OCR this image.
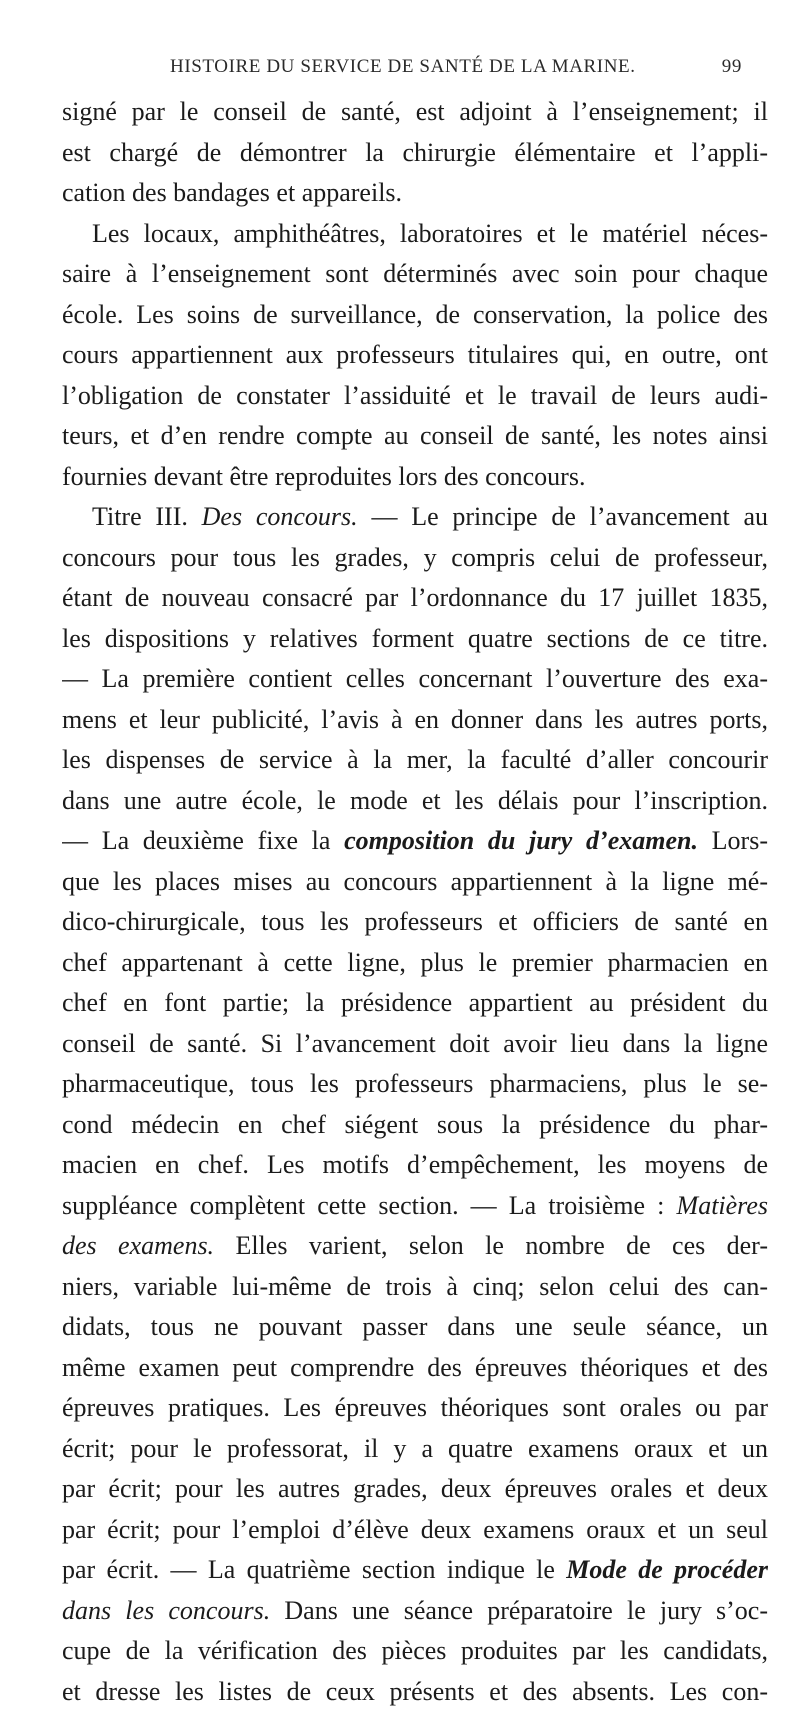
HISTOIRE DU SERVICE DE SANTÉ DE LA MARINE.	99
signé par le conseil de santé, est adjoint à l’enseignement; il
est chargé de démontrer la chirurgie élémentaire et l’appli-
cation des bandages et appareils.
Les locaux, amphithéâtres, laboratoires et le matériel néces-
saire à l’enseignement sont déterminés avec soin pour chaque
école. Les soins de surveillance, de conservation, la police des
cours appartiennent aux professeurs titulaires qui, en outre, ont
l’obligation de constater l’assiduité et le travail de leurs audi-
teurs, et d’en rendre compte au conseil de santé, les notes ainsi
fournies devant être reproduites lors des concours.
Titre III. Des concours. — Le principe de l’avancement au
concours pour tous les grades, y compris celui de professeur,
étant de nouveau consacré par l’ordonnance du 17 juillet 1835,
les dispositions y relatives forment quatre sections de ce titre.
— La première contient celles concernant l’ouverture des exa-
mens et leur publicité, l’avis à en donner dans les autres ports,
les dispenses de service à la mer, la faculté d’aller concourir
dans une autre école, le mode et les délais pour l’inscription.
— La deuxième fixe la composition du jury d’examen. Lors-
que les places mises au concours appartiennent à la ligne mé-
dico-chirurgicale, tous les professeurs et officiers de santé en
chef appartenant à cette ligne, plus le premier pharmacien en
chef en font partie; la présidence appartient au président du
conseil de santé. Si l’avancement doit avoir lieu dans la ligne
pharmaceutique, tous les professeurs pharmaciens, plus le se-
cond médecin en chef siégent sous la présidence du phar-
macien en chef. Les motifs d’empêchement, les moyens de
suppléance complètent cette section. — La troisième : Matières
des examens. Elles varient, selon le nombre de ces der-
niers, variable lui-même de trois à cinq; selon celui des can-
didats, tous ne pouvant passer dans une seule séance, un
même examen peut comprendre des épreuves théoriques et des
épreuves pratiques. Les épreuves théoriques sont orales ou par
écrit; pour le professorat, il y a quatre examens oraux et un
par écrit; pour les autres grades, deux épreuves orales et deux
par écrit; pour l’emploi d’élève deux examens oraux et un seul
par écrit. — La quatrième section indique le Mode de procéder
dans les concours. Dans une séance préparatoire le jury s’oc-
cupe de la vérification des pièces produites par les candidats,
et dresse les listes de ceux présents et des absents. Les con-
